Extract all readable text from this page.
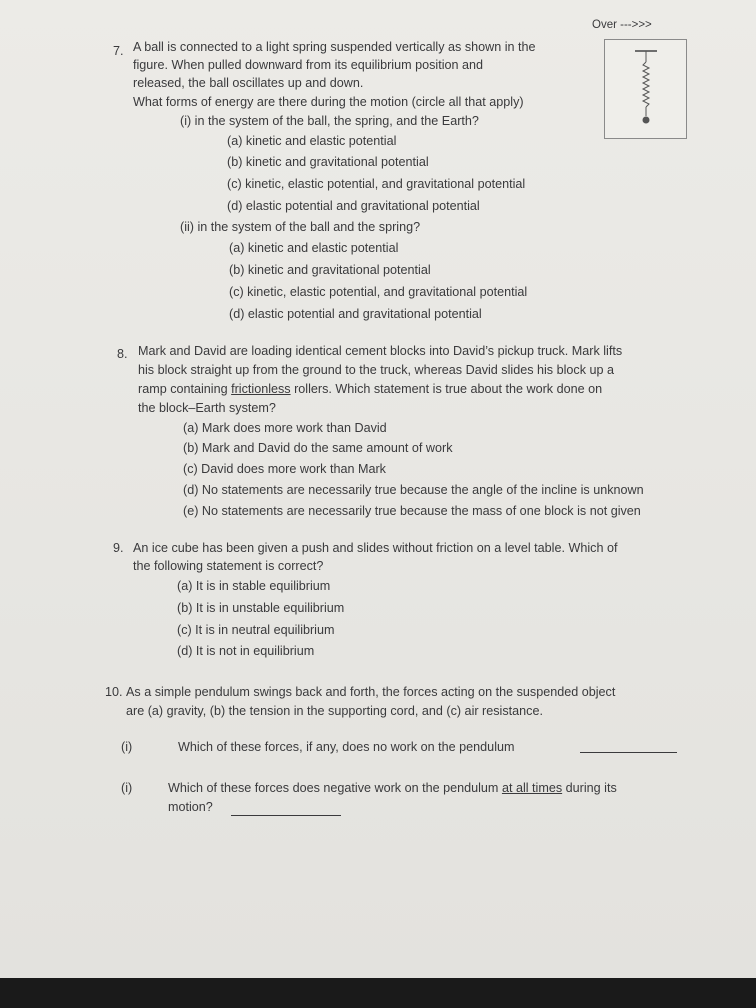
Over --->>>
7. A ball is connected to a light spring suspended vertically as shown in the
figure. When pulled downward from its equilibrium position and
released, the ball oscillates up and down.
What forms of energy are there during the motion (circle all that apply)
(i) in the system of the ball, the spring, and the Earth?
(a) kinetic and elastic potential
(b) kinetic and gravitational potential
(c) kinetic, elastic potential, and gravitational potential
(d) elastic potential and gravitational potential
(ii) in the system of the ball and the spring?
(a) kinetic and elastic potential
(b) kinetic and gravitational potential
(c) kinetic, elastic potential, and gravitational potential
(d) elastic potential and gravitational potential
8. Mark and David are loading identical cement blocks into David’s pickup truck. Mark lifts
his block straight up from the ground to the truck, whereas David slides his block up a
ramp containing frictionless rollers. Which statement is true about the work done on
the block–Earth system?
(a) Mark does more work than David
(b) Mark and David do the same amount of work
(c) David does more work than Mark
(d) No statements are necessarily true because the angle of the incline is unknown
(e) No statements are necessarily true because the mass of one block is not given
9. An ice cube has been given a push and slides without friction on a level table. Which of
the following statement is correct?
(a) It is in stable equilibrium
(b) It is in unstable equilibrium
(c) It is in neutral equilibrium
(d) It is not in equilibrium
10. As a simple pendulum swings back and forth, the forces acting on the suspended object
are (a) gravity, (b) the tension in the supporting cord, and (c) air resistance.
(i)	Which of these forces, if any, does no work on the pendulum
(i)	Which of these forces does negative work on the pendulum at all times during its
motion?
